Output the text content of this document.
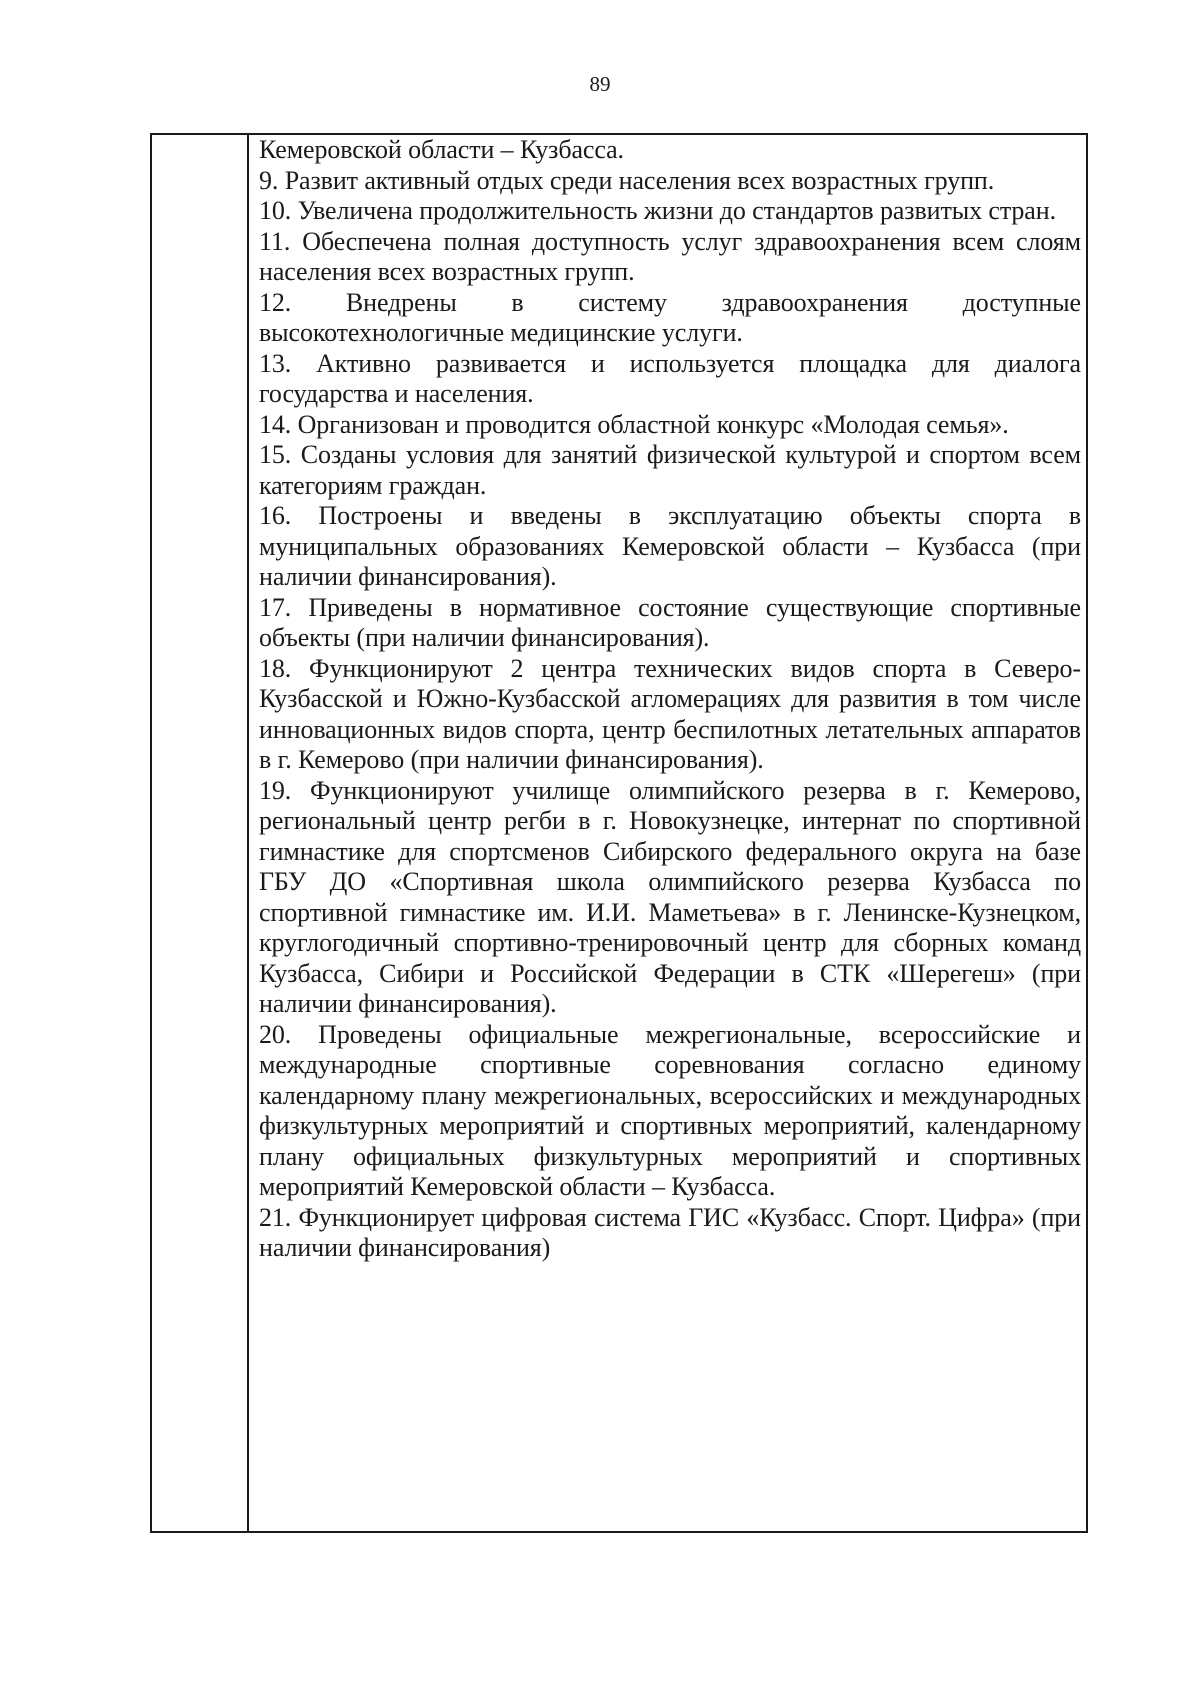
89
Кемеровской области – Кузбасса.
9. Развит активный отдых среди населения всех возрастных групп.
10. Увеличена продолжительность жизни до стандартов развитых стран.
11. Обеспечена полная доступность услуг здравоохранения всем слоям населения всех возрастных групп.
12. Внедрены в систему здравоохранения доступные высокотехнологичные медицинские услуги.
13. Активно развивается и используется площадка для диалога государства и населения.
14. Организован и проводится областной конкурс «Молодая семья».
15. Созданы условия для занятий физической культурой и спортом всем категориям граждан.
16. Построены и введены в эксплуатацию объекты спорта в муниципальных образованиях Кемеровской области – Кузбасса (при наличии финансирования).
17. Приведены в нормативное состояние существующие спортивные объекты (при наличии финансирования).
18. Функционируют 2 центра технических видов спорта в Северо-Кузбасской и Южно-Кузбасской агломерациях для развития в том числе инновационных видов спорта, центр беспилотных летательных аппаратов в г. Кемерово (при наличии финансирования).
19. Функционируют училище олимпийского резерва в г. Кемерово, региональный центр регби в г. Новокузнецке, интернат по спортивной гимнастике для спортсменов Сибирского федерального округа на базе ГБУ ДО «Спортивная школа олимпийского резерва Кузбасса по спортивной гимнастике им. И.И. Маметьева» в г. Ленинске-Кузнецком, круглогодичный спортивно-тренировочный центр для сборных команд Кузбасса, Сибири и Российской Федерации в СТК «Шерегеш» (при наличии финансирования).
20. Проведены официальные межрегиональные, всероссийские и международные спортивные соревнования согласно единому календарному плану межрегиональных, всероссийских и международных физкультурных мероприятий и спортивных мероприятий, календарному плану официальных физкультурных мероприятий и спортивных мероприятий Кемеровской области – Кузбасса.
21. Функционирует цифровая система ГИС «Кузбасс. Спорт. Цифра» (при наличии финансирования)
